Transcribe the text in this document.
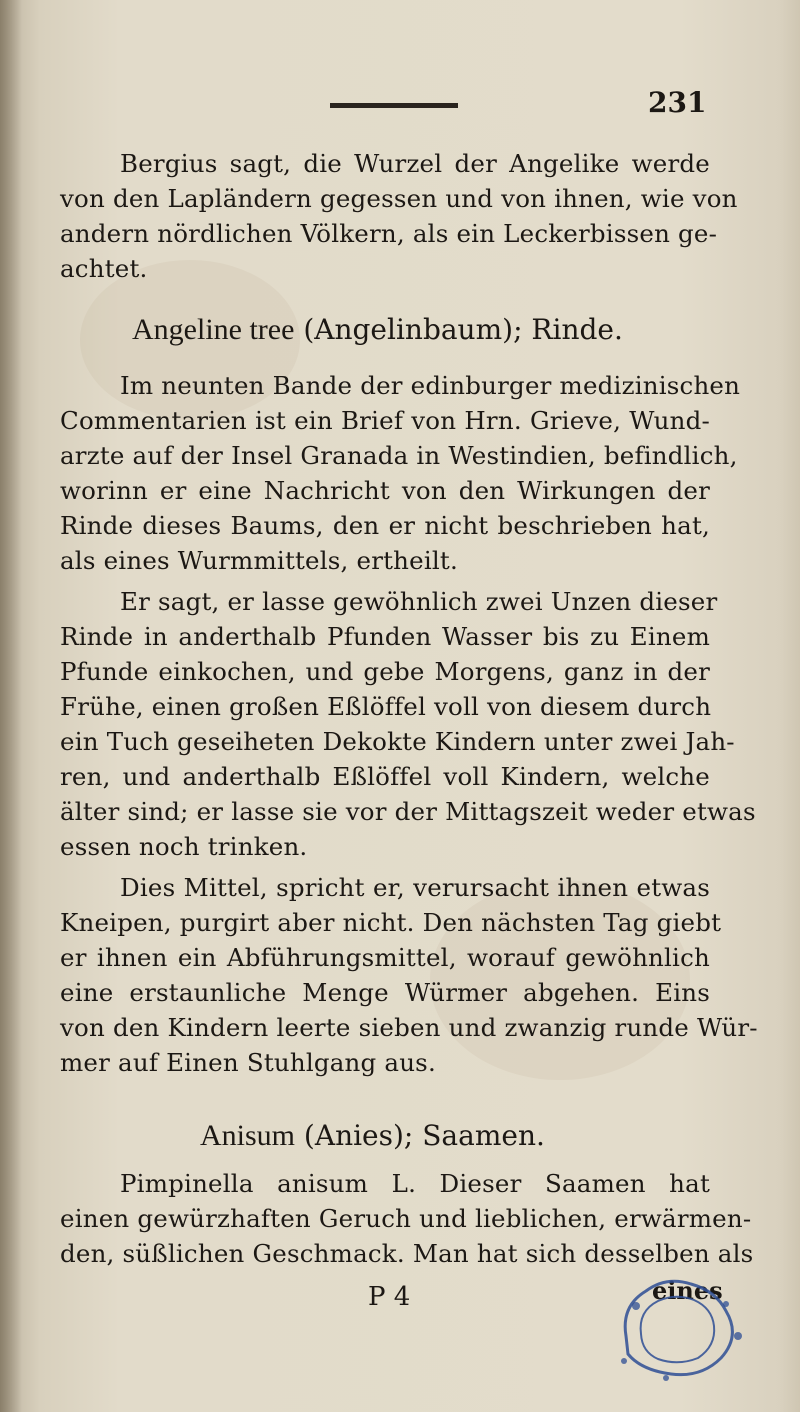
231
Bergius sagt, die Wurzel der Angelike werde
von den Lapländern gegessen und von ihnen, wie von
andern nördlichen Völkern, als ein Leckerbissen ge-
achtet.
Angeline tree (Angelinbaum); Rinde.
Im neunten Bande der edinburger medizinischen
Commentarien ist ein Brief von Hrn. Grieve, Wund-
arzte auf der Insel Granada in Westindien, befindlich,
worinn er eine Nachricht von den Wirkungen der
Rinde dieses Baums, den er nicht beschrieben hat,
als eines Wurmmittels, ertheilt.
Er sagt, er lasse gewöhnlich zwei Unzen dieser
Rinde in anderthalb Pfunden Wasser bis zu Einem
Pfunde einkochen, und gebe Morgens, ganz in der
Frühe, einen großen Eßlöffel voll von diesem durch
ein Tuch geseiheten Dekokte Kindern unter zwei Jah-
ren, und anderthalb Eßlöffel voll Kindern, welche
älter sind; er lasse sie vor der Mittagszeit weder etwas
essen noch trinken.
Dies Mittel, spricht er, verursacht ihnen etwas
Kneipen, purgirt aber nicht. Den nächsten Tag giebt
er ihnen ein Abführungsmittel, worauf gewöhnlich
eine erstaunliche Menge Würmer abgehen. Eins
von den Kindern leerte sieben und zwanzig runde Wür-
mer auf Einen Stuhlgang aus.
Anisum (Anies); Saamen.
Pimpinella anisum L. Dieser Saamen hat
einen gewürzhaften Geruch und lieblichen, erwärmen-
den, süßlichen Geschmack. Man hat sich desselben als
P 4	eines
